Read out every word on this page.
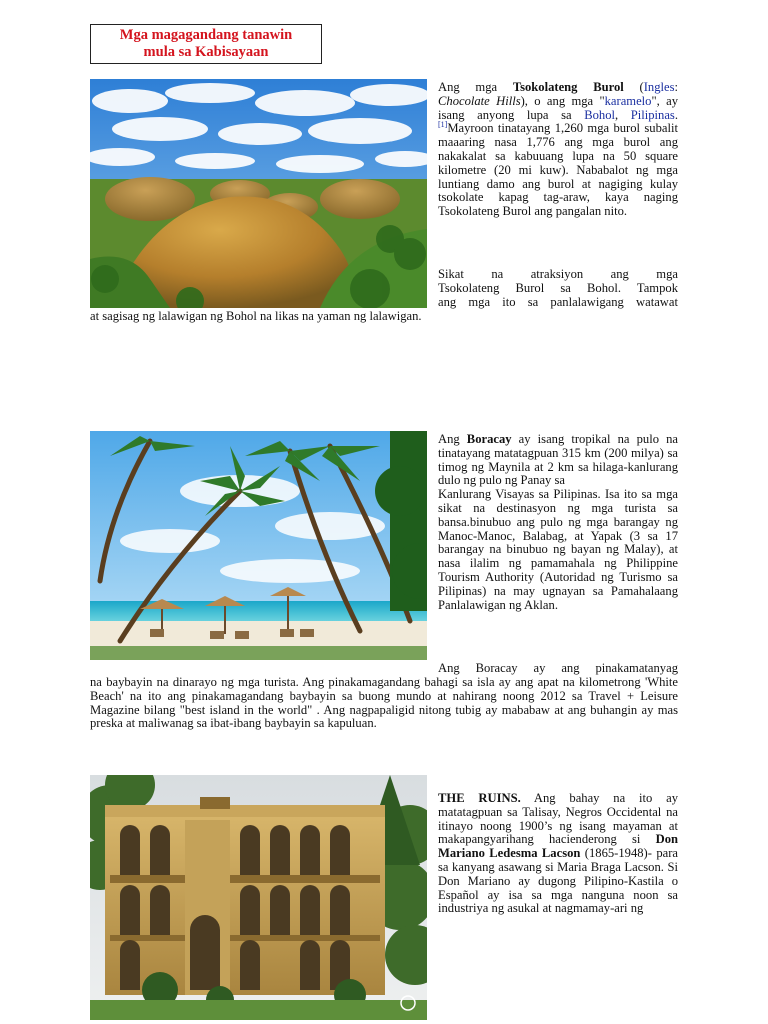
Mga magagandang tanawin
mula sa Kabisayaan
Ang mga Tsokolateng Burol (Ingles: Chocolate Hills), o ang mga "karamelo", ay isang anyong lupa sa Bohol, Pilipinas.[1]Mayroon tinatayang 1,260 mga burol subalit maaaring nasa 1,776 ang mga burol ang nakakalat sa kabuuang lupa na 50 square kilometre (20 mi kuw). Nababalot ng mga luntiang damo ang burol at nagiging kulay tsokolate kapag tag-araw, kaya naging Tsokolateng Burol ang pangalan nito.
Sikat na atraksiyon ang mga
Tsokolateng Burol sa Bohol. Tampok
ang mga ito sa panlalawigang watawat
at sagisag ng lalawigan ng Bohol na likas na yaman ng lalawigan.
Ang Boracay ay isang tropikal na pulo na tinatayang matatagpuan 315 km (200 milya) sa timog ng Maynila at 2 km sa hilaga-kanlurang dulo ng pulo ng Panay sa
Kanlurang Visayas sa Pilipinas. Isa ito sa mga sikat na destinasyon ng mga turista sa bansa.binubuo ang pulo ng mga barangay ng Manoc-Manoc, Balabag, at Yapak (3 sa 17 barangay na binubuo ng bayan ng Malay), at nasa ilalim ng pamamahala ng Philippine Tourism Authority (Autoridad ng Turismo sa Pilipinas) na may ugnayan sa Pamahalaang Panlalawigan ng Aklan.
Ang Boracay ay ang pinakamatanyag
na baybayin na dinarayo ng mga turista. Ang pinakamagandang bahagi sa isla ay ang apat na kilometrong 'White Beach' na ito ang pinakamagandang baybayin sa buong mundo at nahirang noong 2012 sa Travel + Leisure Magazine bilang "best island in the world" . Ang nagpapaligid nitong tubig ay mababaw at ang buhangin ay mas preska at maliwanag sa ibat-ibang baybayin sa kapuluan.
THE RUINS. Ang bahay na ito ay matatagpuan sa Talisay, Negros Occidental na itinayo noong 1900’s ng isang mayaman at makapangyarihang hacienderong si Don Mariano Ledesma Lacson (1865-1948)- para sa kanyang asawang si Maria Braga Lacson. Si Don Mariano ay dugong Pilipino-Kastila o Español ay isa sa mga nanguna noon sa industriya ng asukal at nagmamay-ari ng
